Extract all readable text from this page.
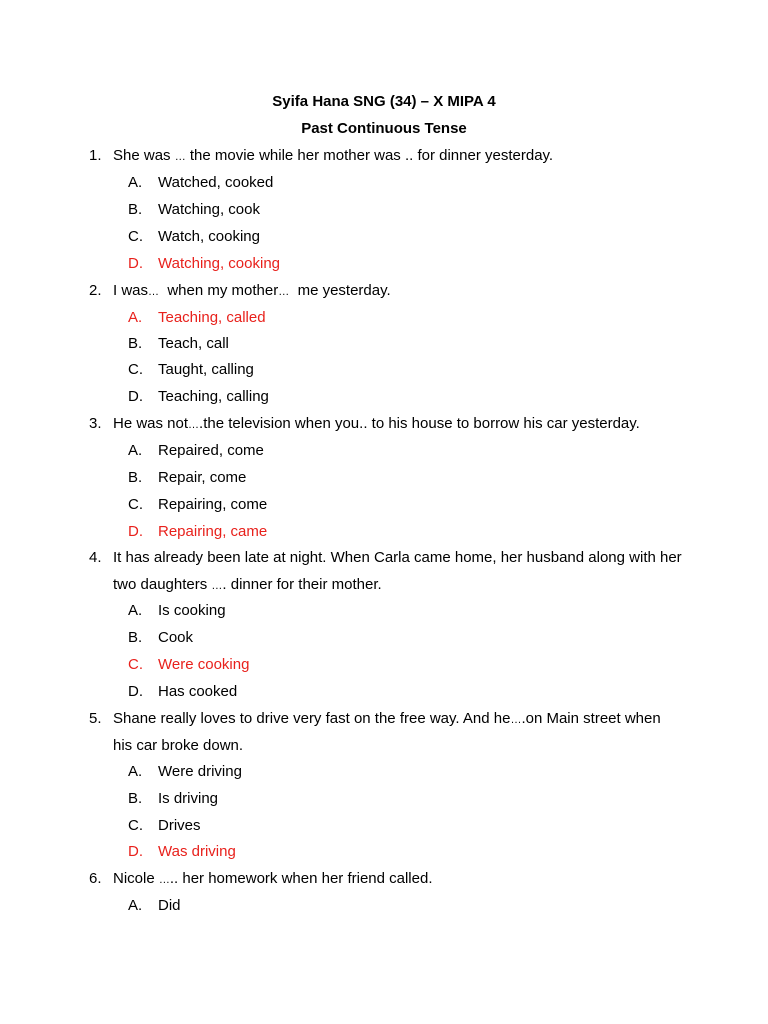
Syifa Hana SNG (34) – X MIPA 4
Past Continuous Tense
1. She was … the movie while her mother was .. for dinner yesterday.
A. Watched, cooked
B. Watching, cook
C. Watch, cooking
D. Watching, cooking
2. I was…  when my mother…  me yesterday.
A. Teaching, called
B. Teach, call
C. Taught, calling
D. Teaching, calling
3. He was not….the television when you.. to his house to borrow his car yesterday.
A. Repaired, come
B. Repair, come
C. Repairing, come
D. Repairing, came
4. It has already been late at night. When Carla came home, her husband along with her
two daughters …. dinner for their mother.
A. Is cooking
B. Cook
C. Were cooking
D. Has cooked
5. Shane really loves to drive very fast on the free way. And he….on Main street when
his car broke down.
A. Were driving
B. Is driving
C. Drives
D. Was driving
6. Nicole ….. her homework when her friend called.
A. Did
